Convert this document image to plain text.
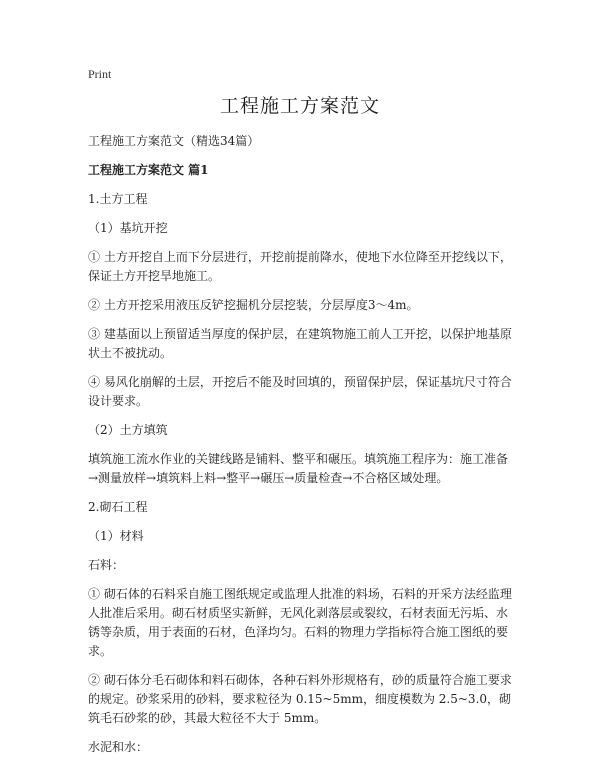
Print
工程施工方案范文
工程施工方案范文（精选34篇）
工程施工方案范文 篇1
1.土方工程
（1）基坑开挖
① 土方开挖自上而下分层进行，开挖前提前降水，使地下水位降至开挖线以下，保证土方开挖旱地施工。
② 土方开挖采用液压反铲挖掘机分层挖装，分层厚度3～4m。
③ 建基面以上预留适当厚度的保护层，在建筑物施工前人工开挖，以保护地基原状土不被扰动。
④ 易风化崩解的土层，开挖后不能及时回填的，预留保护层，保证基坑尺寸符合设计要求。
（2）土方填筑
填筑施工流水作业的关键线路是铺料、整平和碾压。填筑施工程序为：施工准备→测量放样→填筑料上料→整平→碾压→质量检查→不合格区域处理。
2.砌石工程
（1）材料
石料：
① 砌石体的石料采自施工图纸规定或监理人批准的料场，石料的开采方法经监理人批准后采用。砌石材质坚实新鲜，无风化剥落层或裂纹，石材表面无污垢、水锈等杂质，用于表面的石材，色泽均匀。石料的物理力学指标符合施工图纸的要求。
② 砌石体分毛石砌体和料石砌体，各种石料外形规格有，砂的质量符合施工要求的规定。砂浆采用的砂料，要求粒径为 0.15~5mm，细度模数为 2.5~3.0，砌筑毛石砂浆的砂，其最大粒径不大于 5mm。
水泥和水：
